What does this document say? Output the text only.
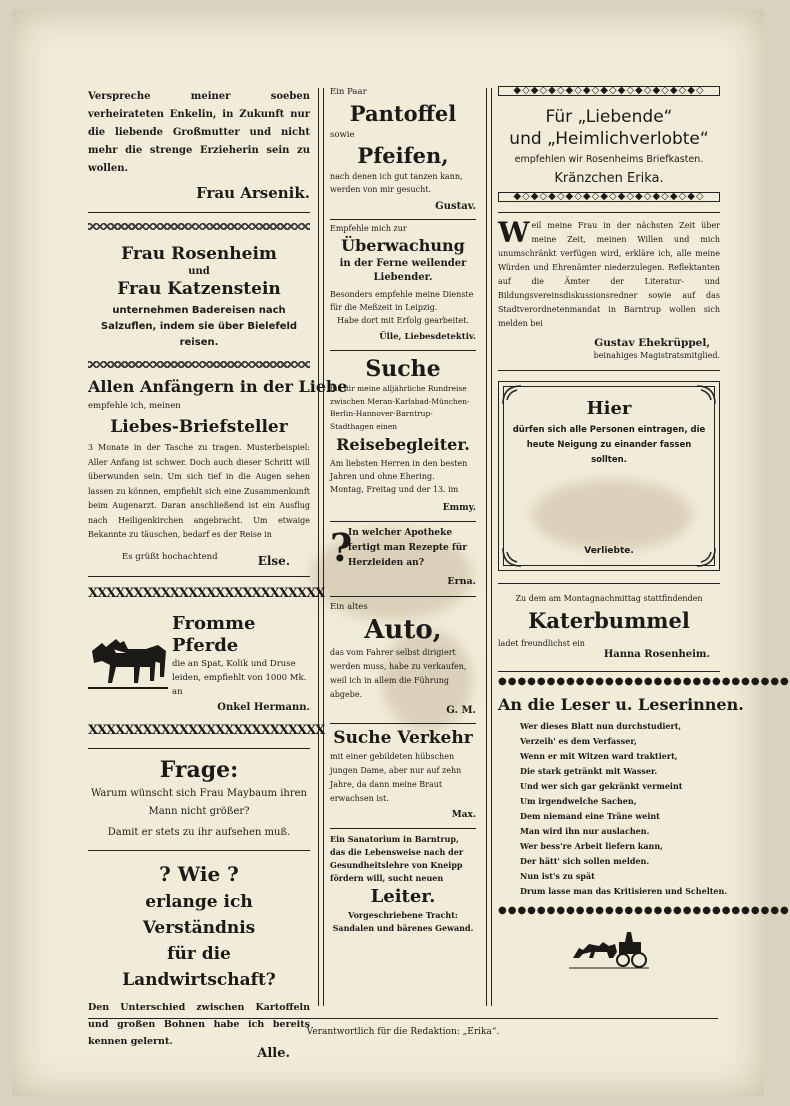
Verspreche meiner soeben verheirateten Enkelin, in Zukunft nur die liebende Großmutter und nicht mehr die strenge Erzieherin sein zu wollen.
Frau Arsenik.
Frau Rosenheim
und
Frau Katzenstein
unternehmen Badereisen nach Salzuflen, indem sie über Bielefeld reisen.
Allen Anfängern in der Liebe
empfehle ich, meinen
Liebes-Briefsteller
3 Monate in der Tasche zu tragen. Musterbeispiel: Aller Anfang ist schwer. Doch auch dieser Schritt will überwunden sein. Um sich tief in die Augen sehen lassen zu können, empfiehlt sich eine Zusammenkunft beim Augenarzt. Daran anschließend ist ein Ausflug nach Heiligenkirchen angebracht. Um etwaige Bekannte zu täuschen, bedarf es der Reise in
Es grüßt hochachtend	Else.
XXXXXXXXXXXXXXXXXXXXXXXXXX
Fromme Pferde
die an Spat, Kolik und Druse leiden, empfiehlt von 1000 Mk. an
Onkel Hermann.
XXXXXXXXXXXXXXXXXXXXXXXXXX
Frage:
Warum wünscht sich Frau Maybaum ihren Mann nicht größer?
Damit er stets zu ihr aufsehen muß.
? Wie ?
erlange ich Verständnis
für die Landwirtschaft?
Den Unterschied zwischen Kartoffeln und großen Bohnen habe ich bereits kennen gelernt.
Alle.
Ein Paar
Pantoffel
sowie
Pfeifen,
nach denen ich gut tanzen kann, werden von mir gesucht.
Gustav.
Empfehle mich zur
Überwachung
in der Ferne weilender Liebender.
Besonders empfehle meine Dienste für die Meßzeit in Leipzig.
Habe dort mit Erfolg gearbeitet.
Ülle, Liebesdetektiv.
Suche
für für meine alljährliche Rundreise zwischen Meran-Karlsbad-München-Berlin-Hannover-Barntrup-Stadthagen einen
Reisebegleiter.
Am liebsten Herren in den besten Jahren und ohne Ehering.
Montag, Freitag und der 13. im
Emmy.
?
In welcher Apotheke fertigt man Rezepte für Herzleiden an?
Erna.
Ein altes
Auto,
das vom Fahrer selbst dirigiert werden muss, habe zu verkaufen, weil ich in allem die Führung abgebe.
G. M.
Suche Verkehr
mit einer gebildeten hübschen jungen Dame, aber nur auf zehn Jahre, da dann meine Braut erwachsen ist.
Max.
Ein Sanatorium in Barntrup, das die Lebensweise nach der Gesundheitslehre von Kneipp fördern will, sucht neuen
Leiter.
Vorgeschriebene Tracht: Sandalen und bärenes Gewand.
◆◇◆◇◆◇◆◇◆◇◆◇◆◇◆◇◆◇◆◇◆◇
Für „Liebende“
und „Heimlichverlobte“
empfehlen wir Rosenheims Briefkasten.
Kränzchen Erika.
◆◇◆◇◆◇◆◇◆◇◆◇◆◇◆◇◆◇◆◇◆◇
W eil meine Frau in der nächsten Zeit über meine Zeit, meinen Willen und mich unumschränkt verfügen wird, erkläre ich, alle meine Würden und Ehrenämter niederzulegen. Reflektanten auf die Ämter der Literatur- und Bildungsvereinsdiskussionsredner sowie auf das Stadtverordnetenmandat in Barntrup wollen sich melden bei
Gustav Ehekrüppel,
beinahiges Magistratsmitglied.
Hier
dürfen sich alle Personen eintragen, die heute Neigung zu einander fassen sollten.
Verliebte.
Zu dem am Montagnachmittag stattfindenden
Katerbummel
ladet freundlichst ein
Hanna Rosenheim.
●●●●●●●●●●●●●●●●●●●●●●●●●●●●●●
An die Leser u. Leserinnen.
Wer dieses Blatt nun durchstudiert,
Verzeih' es dem Verfasser,
Wenn er mit Witzen ward traktiert,
Die stark getränkt mit Wasser.
Und wer sich gar gekränkt vermeint
Um irgendwelche Sachen,
Dem niemand eine Träne weint
Man wird ihn nur auslachen.
Wer bess're Arbeit liefern kann,
Der hätt' sich sollen melden.
Nun ist's zu spät
Drum lasse man das Kritisieren und Schelten.
●●●●●●●●●●●●●●●●●●●●●●●●●●●●●●
Verantwortlich für die Redaktion: „Erika“.
